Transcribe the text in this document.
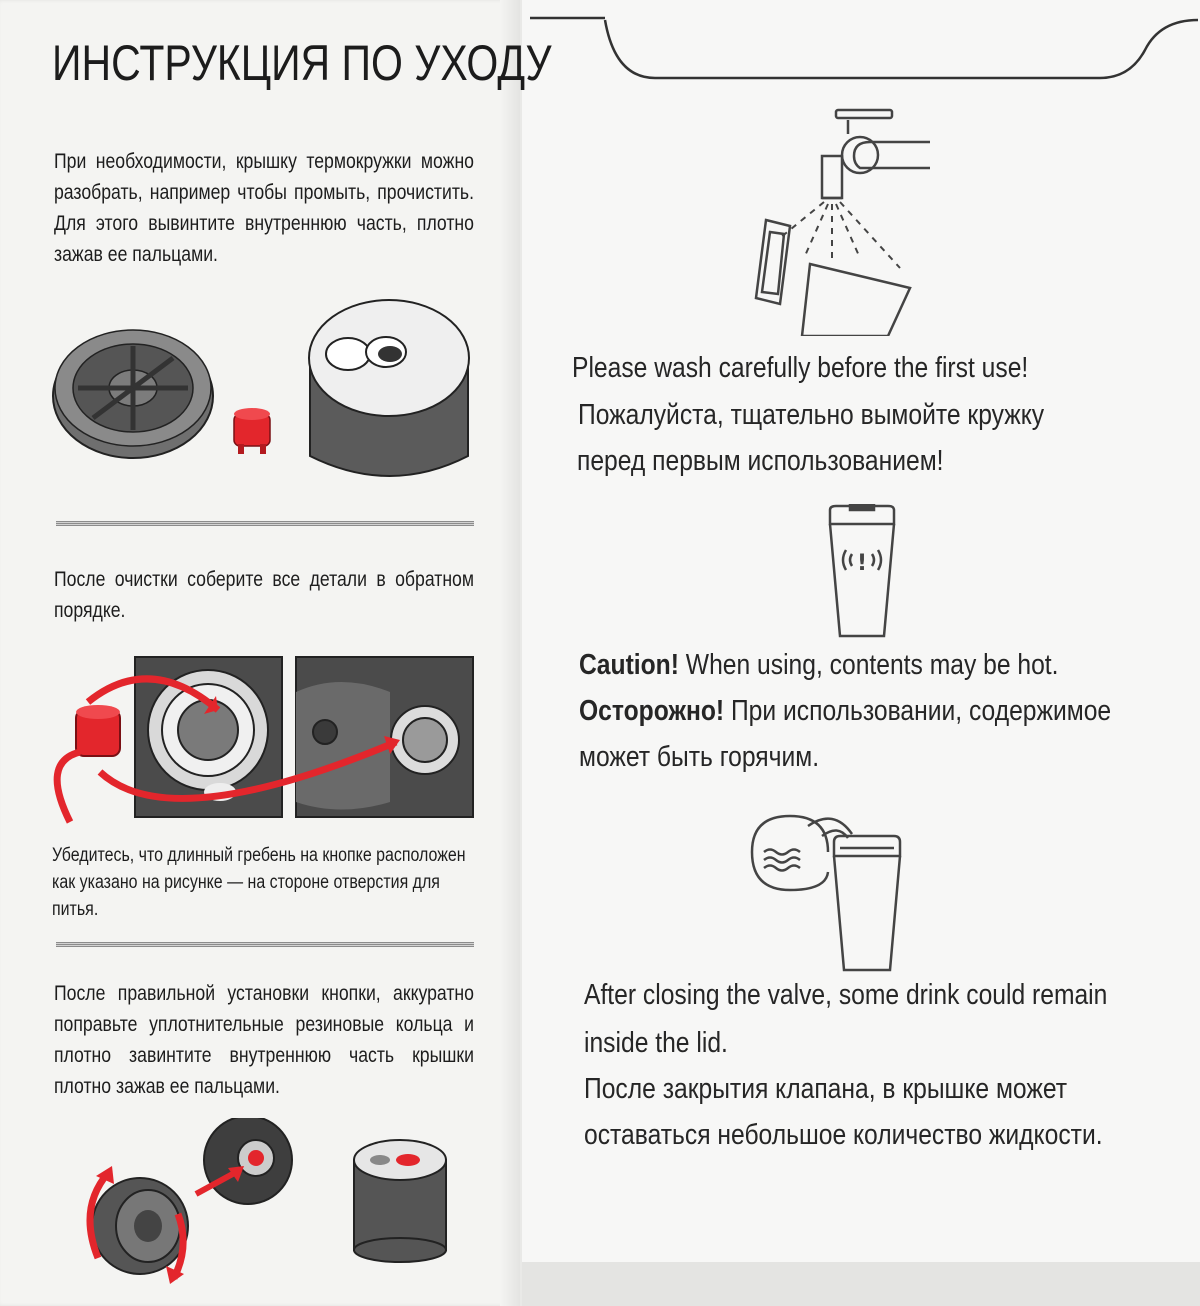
ИНСТРУКЦИЯ ПО УХОДУ

При необходимости, крышку термокружки можно разобрать, например чтобы промыть, прочистить. Для этого вывинтите внутреннюю часть, плотно зажав ее пальцами.

После очистки соберите все детали в обратном порядке.

Убедитесь, что длинный гребень на кнопке расположен как указано на рисунке — на стороне отверстия для питья.

После правильной установки кнопки, аккуратно поправьте уплотнительные резиновые кольца и плотно завинтите внутреннюю часть крышки плотно зажав ее пальцами.

Please wash carefully before the first use!

Пожалуйста, тщательно вымойте кружку

перед первым использованием!

!

Caution! When using, contents may be hot.

Осторожно! При использовании, содержимое

может быть горячим.

After closing the valve, some drink could remain

inside the lid.

После закрытия клапана, в крышке может

оставаться небольшое количество жидкости.
